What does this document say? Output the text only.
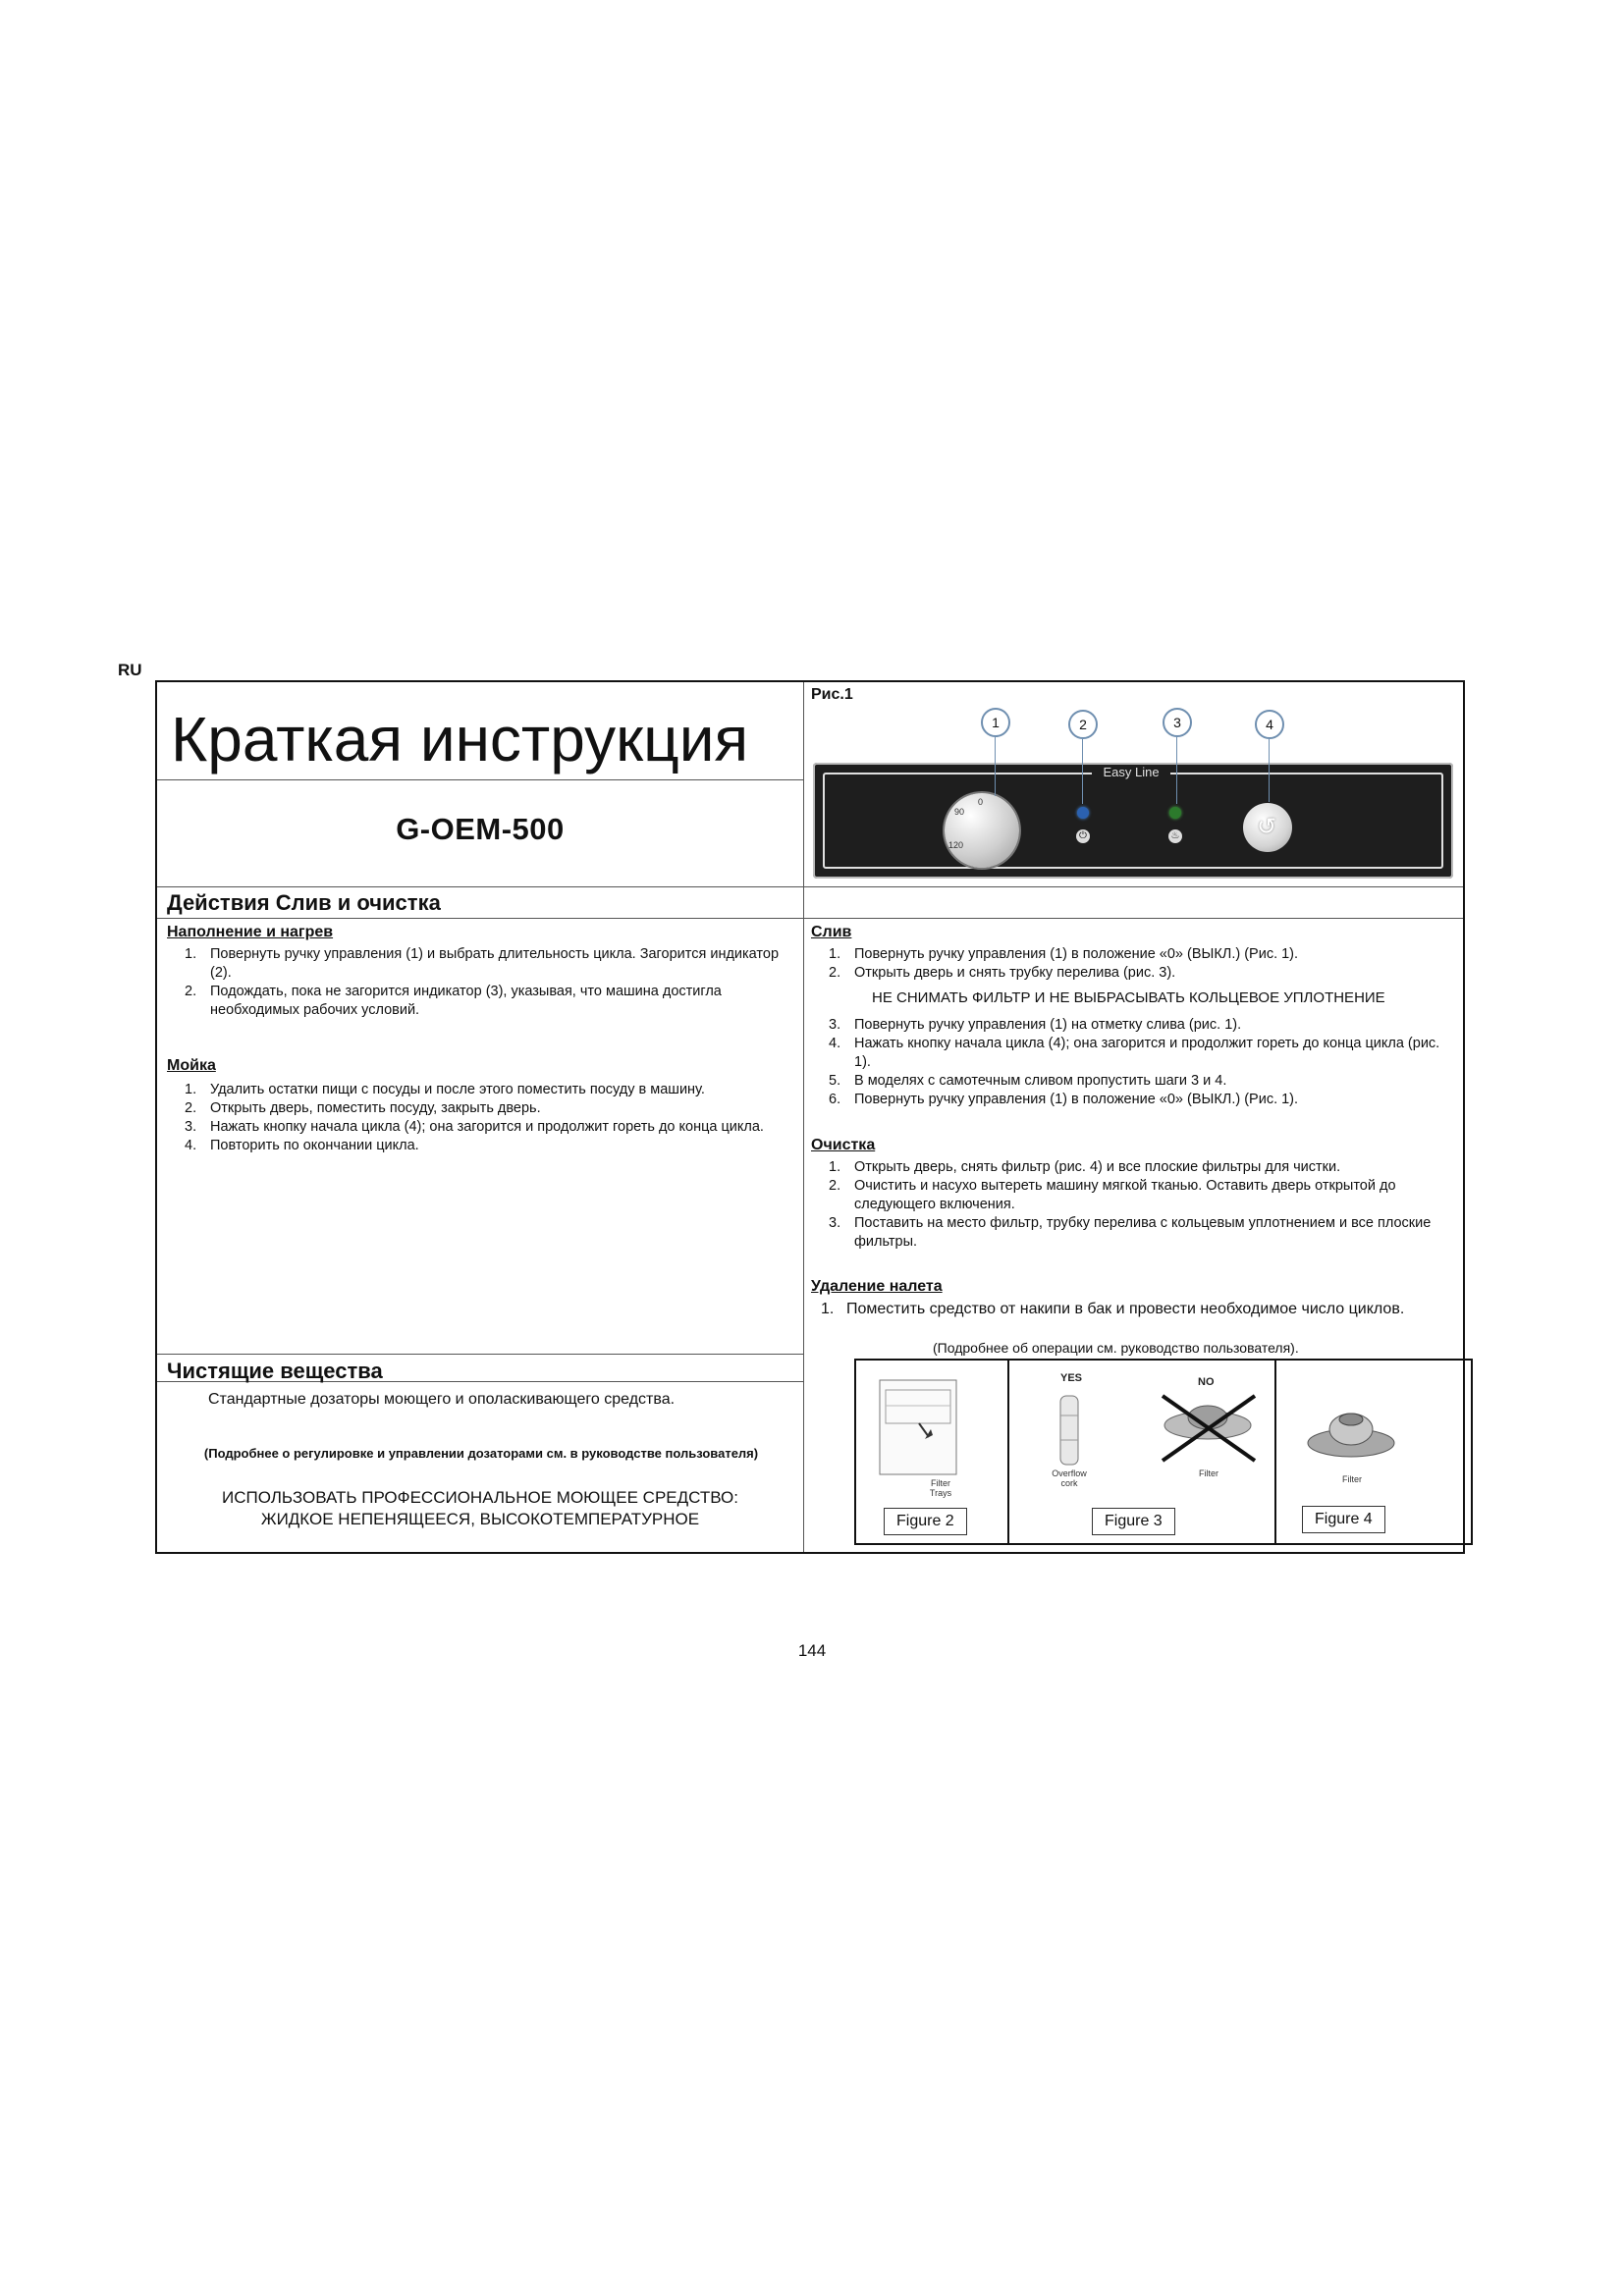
RU
Краткая инструкция
G-OEM-500
Действия Слив и очистка
Наполнение и нагрев
1. Повернуть ручку управления (1) и выбрать длительность цикла. Загорится индикатор (2).
2. Подождать, пока не загорится индикатор (3), указывая, что машина достигла необходимых рабочих условий.
Мойка
1. Удалить остатки пищи с посуды и после этого поместить посуду в машину.
2. Открыть дверь, поместить посуду, закрыть дверь.
3. Нажать кнопку начала цикла (4); она загорится и продолжит гореть до конца цикла.
4. Повторить по окончании цикла.
Чистящие вещества
Стандартные дозаторы моющего и ополаскивающего средства.
(Подробнее о регулировке и управлении дозаторами см. в руководстве пользователя)
ИСПОЛЬЗОВАТЬ ПРОФЕССИОНАЛЬНОЕ МОЮЩЕЕ СРЕДСТВО:
ЖИДКОЕ НЕПЕНЯЩЕЕСЯ, ВЫСОКОТЕМПЕРАТУРНОЕ
Рис.1
Слив
1. Повернуть ручку управления (1) в положение «0» (ВЫКЛ.) (Рис. 1).
2. Открыть дверь и снять трубку перелива (рис. 3).
НЕ СНИМАТЬ ФИЛЬТР И НЕ ВЫБРАСЫВАТЬ КОЛЬЦЕВОЕ УПЛОТНЕНИЕ
3. Повернуть ручку управления (1) на отметку слива (рис. 1).
4. Нажать кнопку начала цикла (4); она загорится и продолжит гореть до конца цикла (рис. 1).
5. В моделях с самотечным сливом пропустить шаги 3 и 4.
6. Повернуть ручку управления (1) в положение «0» (ВЫКЛ.) (Рис. 1).
Очистка
1. Открыть дверь, снять фильтр (рис. 4) и все плоские фильтры для чистки.
2. Очистить и насухо вытереть машину мягкой тканью. Оставить дверь открытой до следующего включения.
3. Поставить на место фильтр, трубку перелива с кольцевым уплотнением и все плоские фильтры.
Удаление налета
1. Поместить средство от накипи в бак и провести необходимое число циклов.
(Подробнее об операции см. руководство пользователя).
Filter
Trays
Figure 2
YES	NO
Overflow
cork
Filter
Figure 3
Filter
Figure 4
Easy Line
0
90
120
⏻	♨	↺
1	2	3	4
144
